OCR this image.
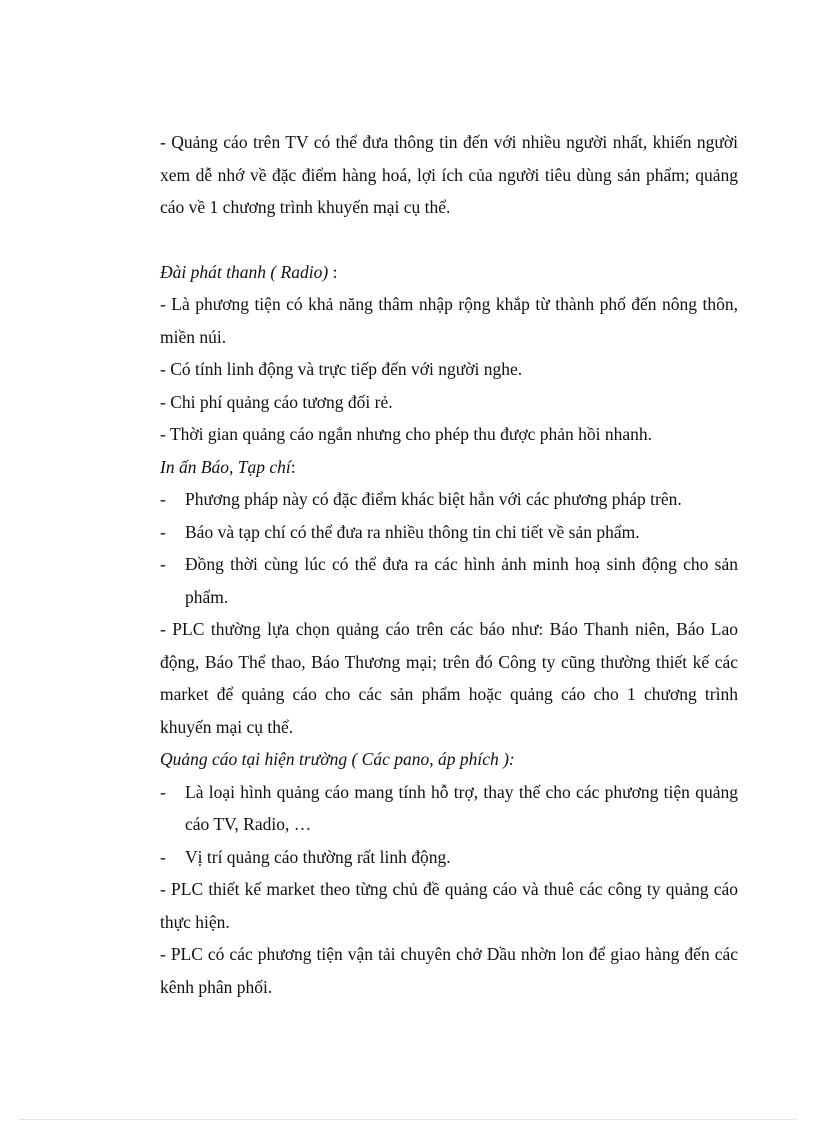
- Quảng cáo trên TV có thể đưa thông tin đến với nhiều người nhất, khiến người xem dễ nhớ về đặc điểm hàng hoá, lợi ích của người tiêu dùng sản phẩm; quảng cáo về 1 chương trình khuyến mại cụ thể.

Đài phát thanh ( Radio) :

- Là phương tiện có khả năng thâm nhập rộng khắp từ thành phố đến nông thôn, miền núi.

- Có tính linh động và trực tiếp đến với người nghe.

- Chi phí quảng cáo tương đối rẻ.

- Thời gian quảng cáo ngắn nhưng cho phép thu được phản hồi nhanh.

In ấn Báo, Tạp chí:

-	Phương pháp này có đặc điểm khác biệt hẳn với các phương pháp trên.
-	Báo và tạp chí có thể đưa ra nhiều thông tin chi tiết về sản phẩm.
-	Đồng thời cùng lúc có thể đưa ra các hình ảnh minh hoạ sinh động cho sản phẩm.

- PLC thường lựa chọn quảng cáo trên các báo như: Báo Thanh niên, Báo Lao động, Báo Thể thao, Báo Thương mại; trên đó Công ty cũng thường thiết kế các market để quảng cáo cho các sản phẩm hoặc quảng cáo cho 1 chương trình khuyến mại cụ thể.

Quảng cáo tại hiện trường ( Các pano, áp phích ):

-	Là loại hình quảng cáo mang tính hỗ trợ, thay thế cho các phương tiện quảng cáo TV, Radio, …
-	Vị trí quảng cáo thường rất linh động.

- PLC thiết kế market theo từng chủ đề quảng cáo và thuê các công ty quảng cáo thực hiện.

- PLC có các phương tiện vận tải chuyên chở Dầu nhờn lon để giao hàng đến các kênh phân phối.
